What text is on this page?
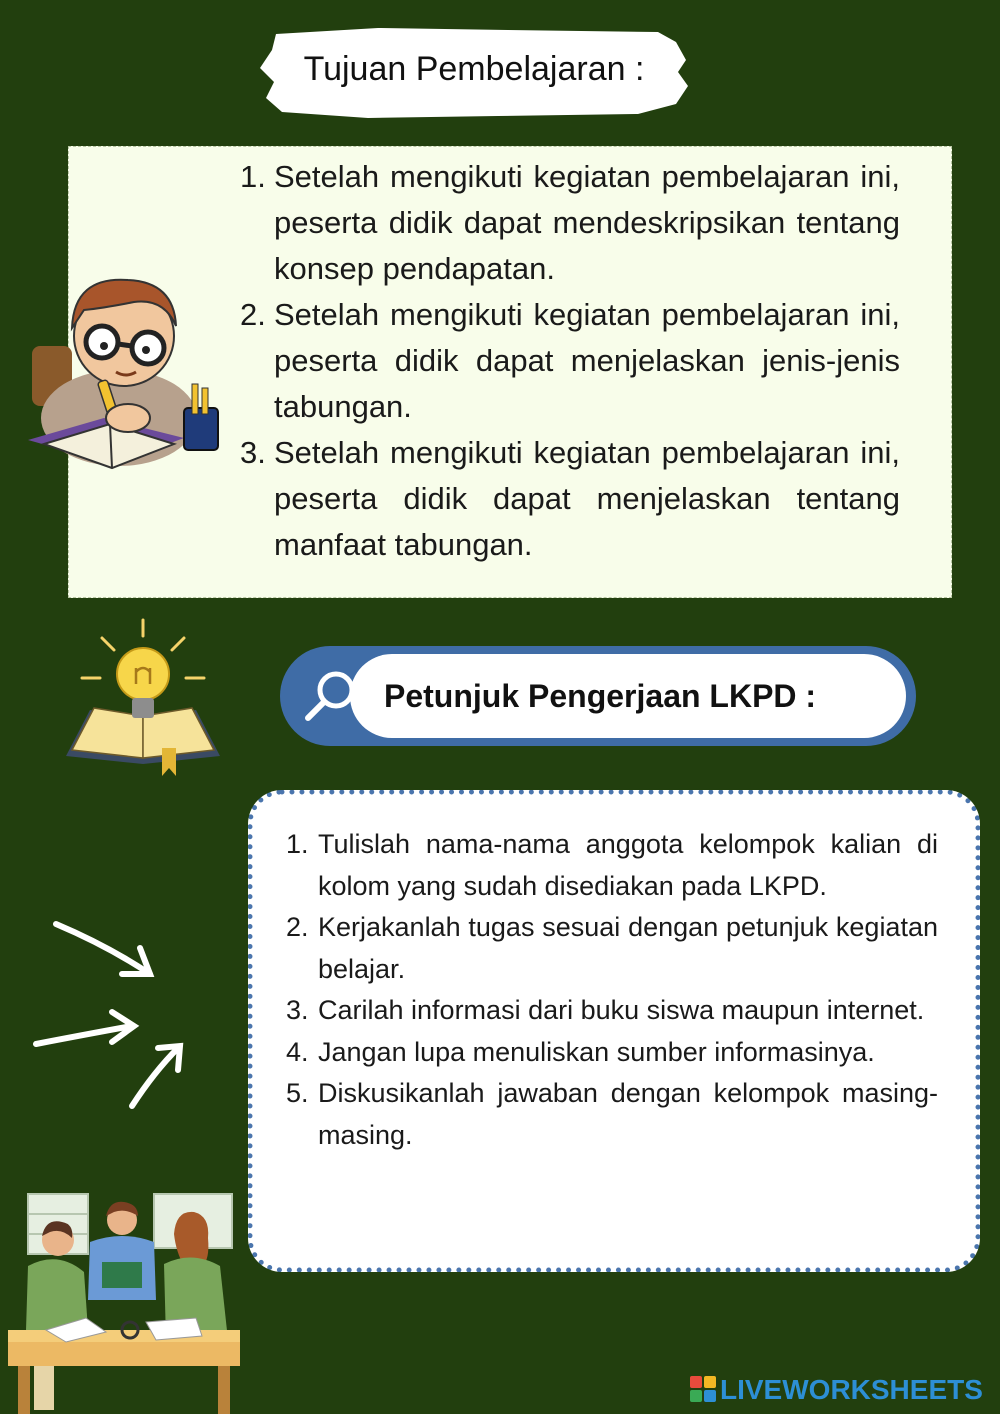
Tujuan Pembelajaran :
1. Setelah mengikuti kegiatan pembelajaran ini, peserta didik dapat mendeskripsikan tentang konsep pendapatan.
2. Setelah mengikuti kegiatan pembelajaran ini, peserta didik dapat menjelaskan jenis-jenis tabungan.
3. Setelah mengikuti kegiatan pembelajaran ini, peserta didik dapat menjelaskan tentang manfaat tabungan.
Petunjuk Pengerjaan LKPD :
1. Tulislah nama-nama anggota kelompok kalian di kolom yang sudah disediakan pada LKPD.
2. Kerjakanlah tugas sesuai dengan petunjuk kegiatan belajar.
3. Carilah informasi dari buku siswa maupun internet.
4. Jangan lupa menuliskan sumber informasinya.
5. Diskusikanlah jawaban dengan kelompok masing-masing.
LIVEWORKSHEETS
